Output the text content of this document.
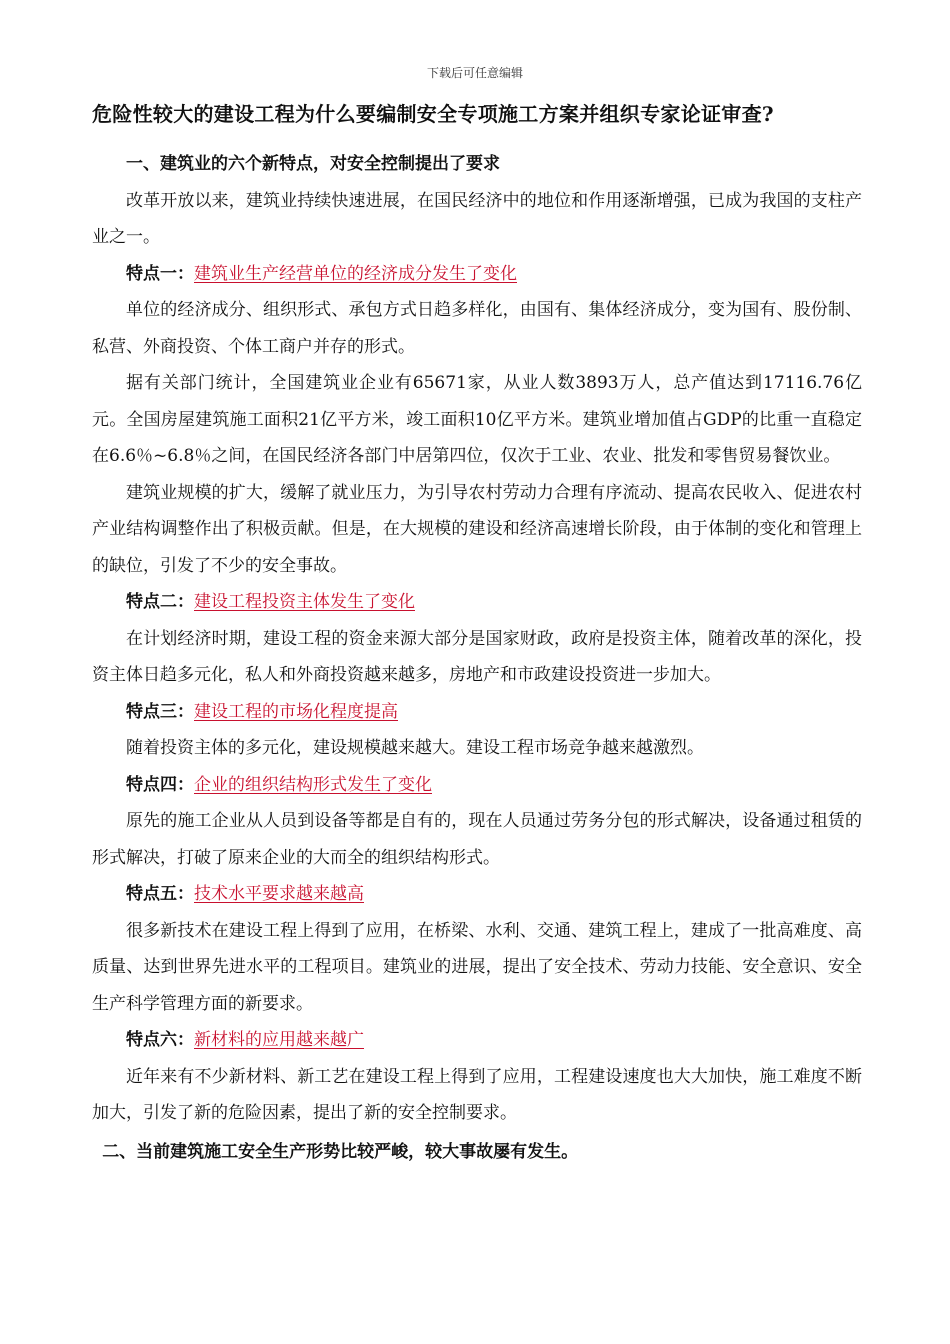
下载后可任意编辑
危险性较大的建设工程为什么要编制安全专项施工方案并组织专家论证审查?

一、建筑业的六个新特点，对安全控制提出了要求

改革开放以来，建筑业持续快速进展，在国民经济中的地位和作用逐渐增强，已成为我国的支柱产业之一。

特点一：建筑业生产经营单位的经济成分发生了变化

单位的经济成分、组织形式、承包方式日趋多样化，由国有、集体经济成分，变为国有、股份制、私营、外商投资、个体工商户并存的形式。

据有关部门统计，全国建筑业企业有65671家，从业人数3893万人，总产值达到17116.76亿元。全国房屋建筑施工面积21亿平方米，竣工面积10亿平方米。建筑业增加值占GDP的比重一直稳定在6.6％~6.8％之间，在国民经济各部门中居第四位，仅次于工业、农业、批发和零售贸易餐饮业。

建筑业规模的扩大，缓解了就业压力，为引导农村劳动力合理有序流动、提高农民收入、促进农村产业结构调整作出了积极贡献。但是，在大规模的建设和经济高速增长阶段，由于体制的变化和管理上的缺位，引发了不少的安全事故。

特点二：建设工程投资主体发生了变化

在计划经济时期，建设工程的资金来源大部分是国家财政，政府是投资主体，随着改革的深化，投资主体日趋多元化，私人和外商投资越来越多，房地产和市政建设投资进一步加大。

特点三：建设工程的市场化程度提高

随着投资主体的多元化，建设规模越来越大。建设工程市场竞争越来越激烈。

特点四：企业的组织结构形式发生了变化

原先的施工企业从人员到设备等都是自有的，现在人员通过劳务分包的形式解决，设备通过租赁的形式解决，打破了原来企业的大而全的组织结构形式。

特点五：技术水平要求越来越高

很多新技术在建设工程上得到了应用，在桥梁、水利、交通、建筑工程上，建成了一批高难度、高质量、达到世界先进水平的工程项目。建筑业的进展，提出了安全技术、劳动力技能、安全意识、安全生产科学管理方面的新要求。

特点六：新材料的应用越来越广

近年来有不少新材料、新工艺在建设工程上得到了应用，工程建设速度也大大加快，施工难度不断加大，引发了新的危险因素，提出了新的安全控制要求。

二、当前建筑施工安全生产形势比较严峻，较大事故屡有发生。
